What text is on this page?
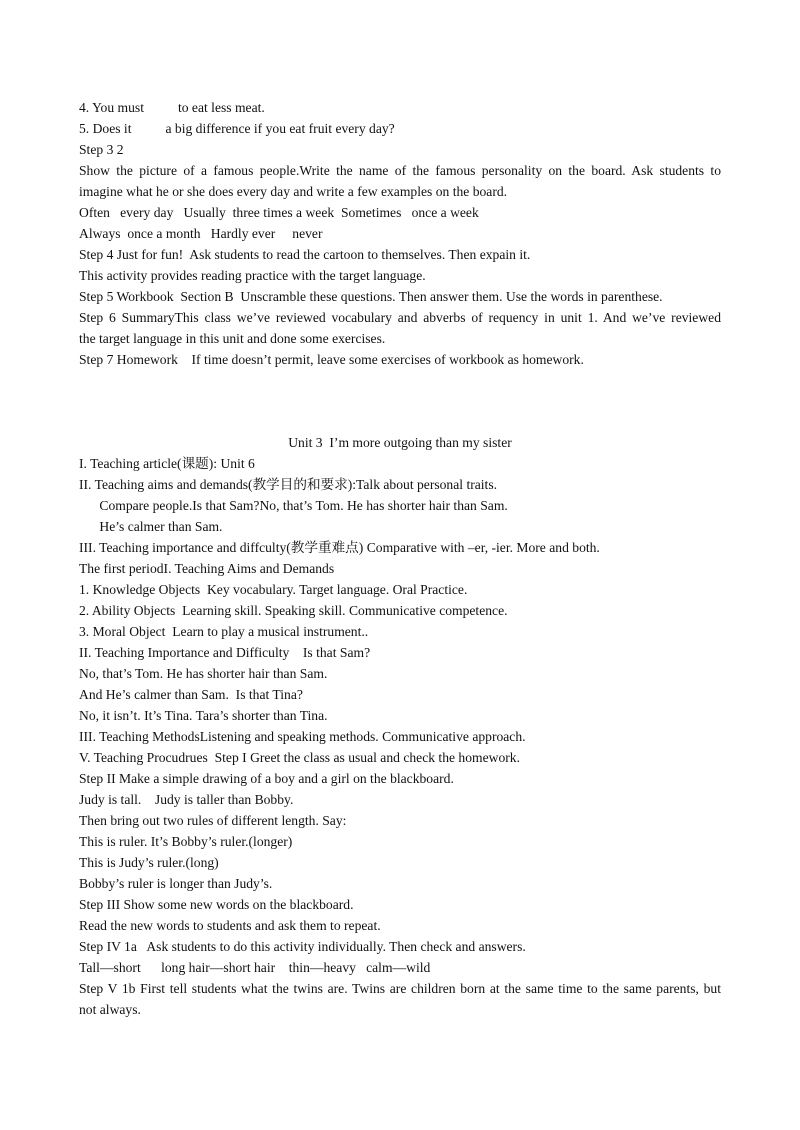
4. You must          to eat less meat.
5. Does it          a big difference if you eat fruit every day?
Step 3 2
Show the picture of a famous people.Write the name of the famous personality on the board. Ask students to
imagine what he or she does every day and write a few examples on the board.
Often   every day   Usually  three times a week  Sometimes   once a week
Always  once a month   Hardly ever     never
Step 4 Just for fun!  Ask students to read the cartoon to themselves. Then expain it.
This activity provides reading practice with the target language.
Step 5 Workbook  Section B  Unscramble these questions. Then answer them. Use the words in parenthese.
Step 6 SummaryThis class we’ve reviewed vocabulary and abverbs of requency in unit 1. And we’ve reviewed
the target language in this unit and done some exercises.
Step 7 Homework    If time doesn’t permit, leave some exercises of workbook as homework.
Unit 3  I’m more outgoing than my sister
I. Teaching article(课题): Unit 6
II. Teaching aims and demands(教学目的和要求):Talk about personal traits.
Compare people.Is that Sam?No, that’s Tom. He has shorter hair than Sam.
He’s calmer than Sam.
III. Teaching importance and diffculty(教学重难点) Comparative with –er, -ier. More and both.
The first periodI. Teaching Aims and Demands
1. Knowledge Objects  Key vocabulary. Target language. Oral Practice.
2. Ability Objects  Learning skill. Speaking skill. Communicative competence.
3. Moral Object  Learn to play a musical instrument..
II. Teaching Importance and Difficulty    Is that Sam?
No, that’s Tom. He has shorter hair than Sam.
And He’s calmer than Sam.  Is that Tina?
No, it isn’t. It’s Tina. Tara’s shorter than Tina.
III. Teaching MethodsListening and speaking methods. Communicative approach.
V. Teaching Procudrues  Step I Greet the class as usual and check the homework.
Step II Make a simple drawing of a boy and a girl on the blackboard.
Judy is tall.    Judy is taller than Bobby.
Then bring out two rules of different length. Say:
This is ruler. It’s Bobby’s ruler.(longer)
This is Judy’s ruler.(long)
Bobby’s ruler is longer than Judy’s.
Step III Show some new words on the blackboard.
Read the new words to students and ask them to repeat.
Step IV 1a   Ask students to do this activity individually. Then check and answers.
Tall—short      long hair—short hair    thin—heavy   calm—wild
Step V 1b First tell students what the twins are. Twins are children born at the same time to the same parents, but
not always.
